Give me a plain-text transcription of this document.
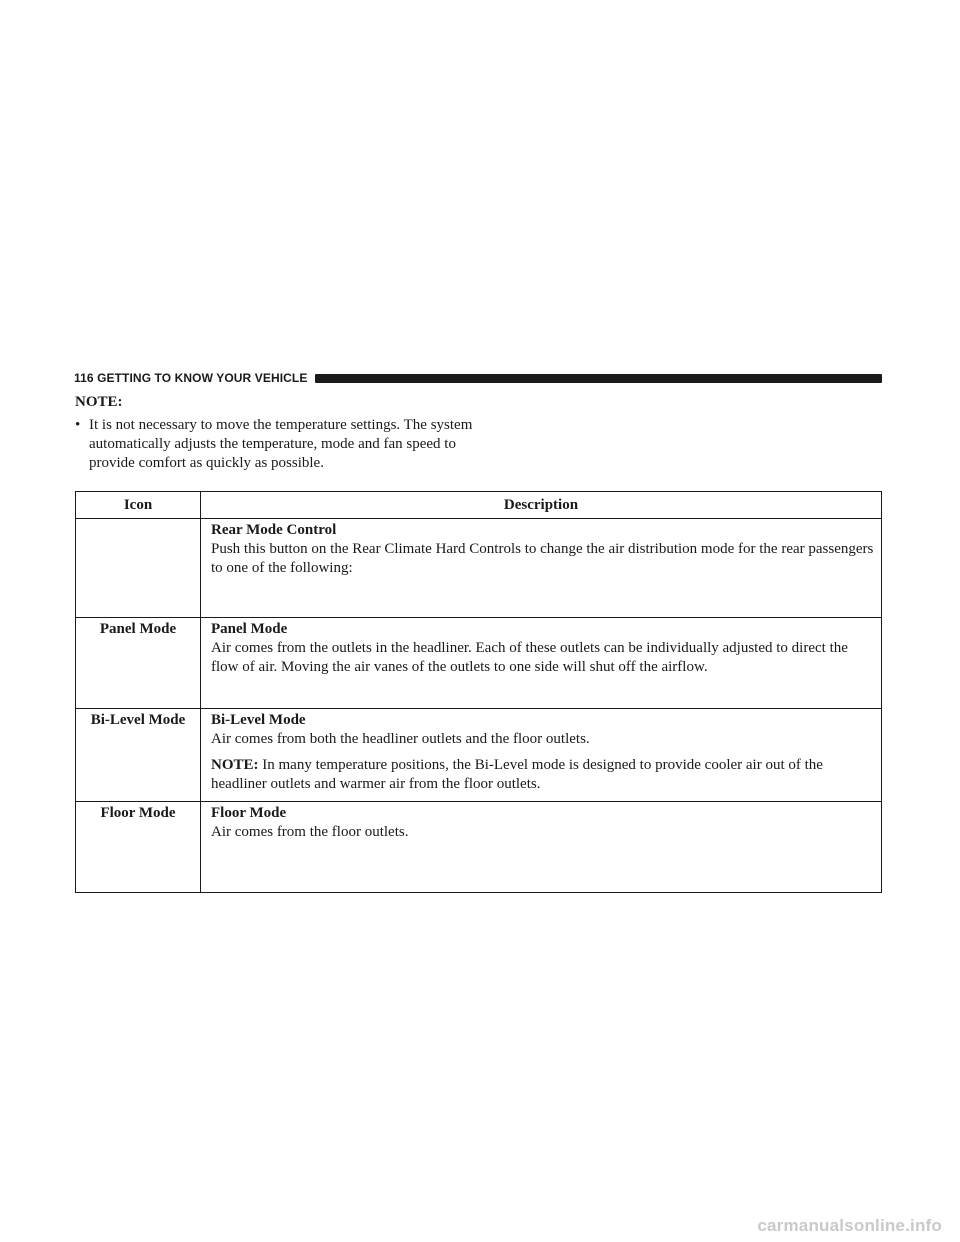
116 GETTING TO KNOW YOUR VEHICLE

NOTE:

• It is not necessary to move the temperature settings. The system automatically adjusts the temperature, mode and fan speed to provide comfort as quickly as possible.
Icon	Description

	Rear Mode Control
Push this button on the Rear Climate Hard Controls to change the air distribution mode for the rear passengers to one of the following:

Panel Mode	Panel Mode
Air comes from the outlets in the headliner. Each of these outlets can be individually adjusted to direct the flow of air. Moving the air vanes of the outlets to one side will shut off the airflow.

Bi-Level Mode	Bi-Level Mode
Air comes from both the headliner outlets and the floor outlets.
NOTE: In many temperature positions, the Bi-Level mode is designed to provide cooler air out of the headliner outlets and warmer air from the floor outlets.

Floor Mode	Floor Mode
Air comes from the floor outlets.
carmanualsonline.info
